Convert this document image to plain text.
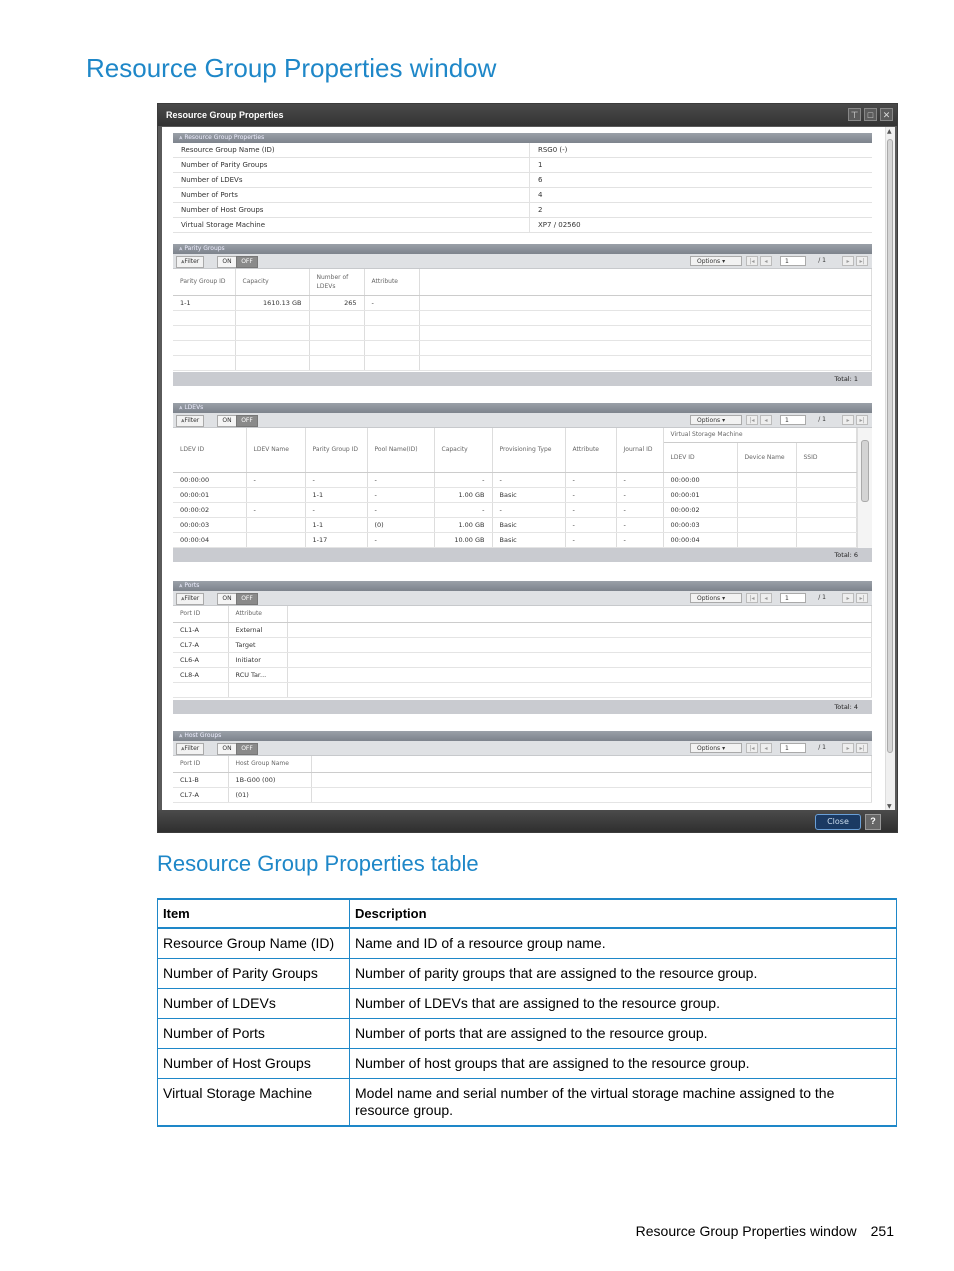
Resource Group Properties window
Resource Group Properties	⊤	□	✕
⩓ Resource Group Properties
Resource Group Name (ID)	RSG0 (-)
Number of Parity Groups	1
Number of LDEVs	6
Number of Ports	4
Number of Host Groups	2
Virtual Storage Machine	XP7 / 02560
⩓ Parity Groups
⩓Filter	ON	OFF	Options ▾	|◂	◂	1	/ 1	▸	▸|
Parity Group ID	Capacity	Number of LDEVs	Attribute	
1-1	1610.13 GB	265	-	

Total: 1
⩓ LDEVs
⩓Filter	ON	OFF	Options ▾	|◂	◂	1	/ 1	▸	▸|
LDEV ID	LDEV Name	Parity Group ID	Pool Name(ID)	Capacity	Provisioning Type	Attribute	Journal ID	Virtual Storage Machine		
								LDEV ID	Device Name	SSID
00:00:00	-	-	-	-	-	-	-	00:00:00		
00:00:01		1-1	-	1.00 GB	Basic	-	-	00:00:01		
00:00:02	-	-	-	-	-	-	-	00:00:02		
00:00:03		1-1	(0)	1.00 GB	Basic	-	-	00:00:03		
00:00:04		1-17	-	10.00 GB	Basic	-	-	00:00:04		
Total: 6
⩓ Ports
⩓Filter	ON	OFF	Options ▾	|◂	◂	1	/ 1	▸	▸|
Port ID	Attribute	
CL1-A	External	
CL7-A	Target	
CL6-A	Initiator	
CL8-A	RCU Tar...	

Total: 4
⩓ Host Groups
⩓Filter	ON	OFF	Options ▾	|◂	◂	1	/ 1	▸	▸|
Port ID	Host Group Name	
CL1-B	1B-G00 (00)	
CL7-A	(01)	
▲
▼
Close	?
Resource Group Properties table
Item	Description
Resource Group Name (ID)	Name and ID of a resource group name.
Number of Parity Groups	Number of parity groups that are assigned to the resource group.
Number of LDEVs	Number of LDEVs that are assigned to the resource group.
Number of Ports	Number of ports that are assigned to the resource group.
Number of Host Groups	Number of host groups that are assigned to the resource group.
Virtual Storage Machine	Model name and serial number of the virtual storage machine assigned to the resource group.
Resource Group Properties window 251
